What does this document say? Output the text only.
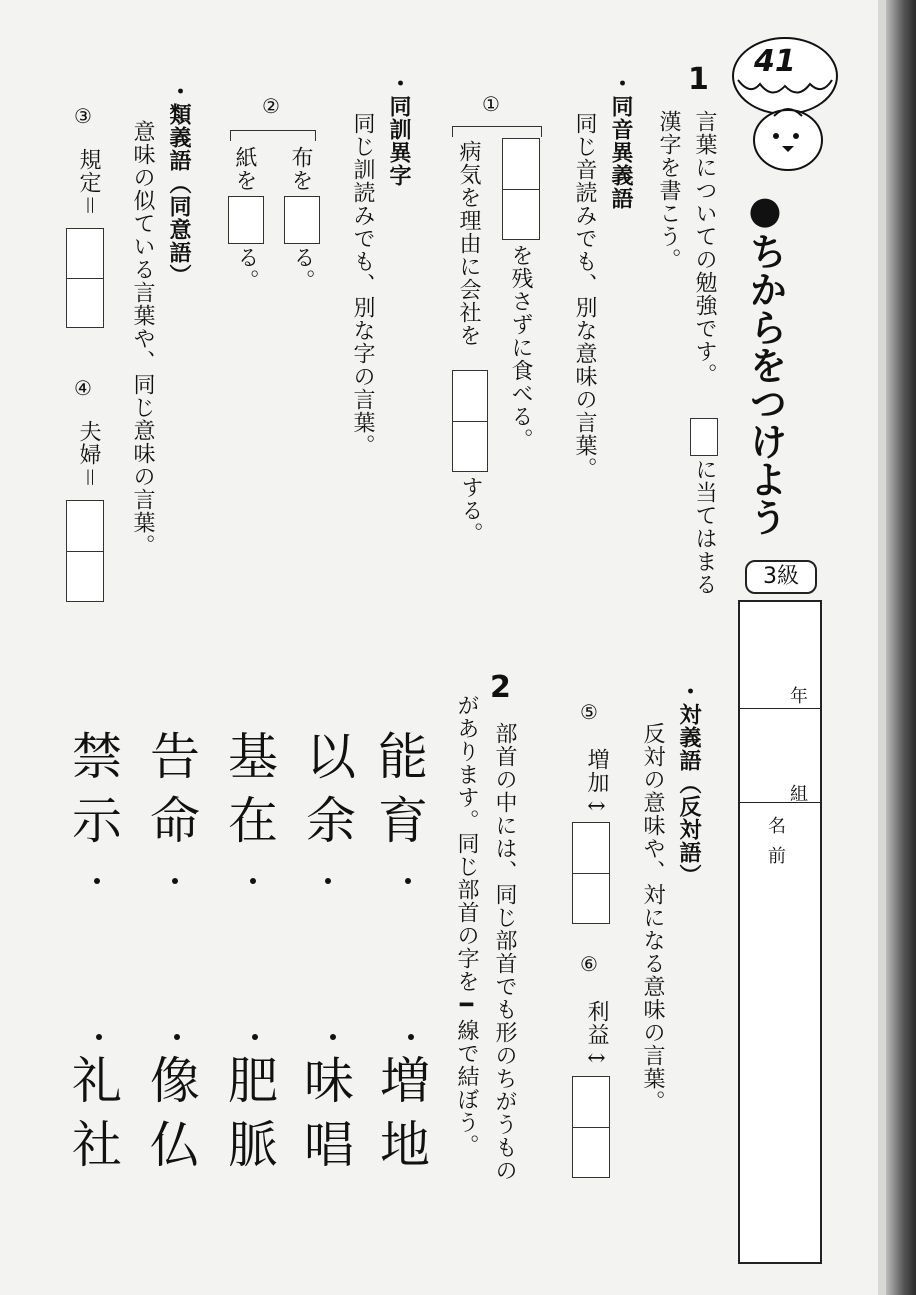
41
●ちからをつけよう
3級
年
組
名前
1
言葉についての勉強です。
に当てはまる
漢字を書こう。
・同音異義語
同じ音読みでも、別な意味の言葉。
①
を残さずに食べる。
病気を理由に会社を
する。
・同訓異字
同じ訓読みでも、別な字の言葉。
②
布を
る。
紙を
る。
・類義語（同意語）
意味の似ている言葉や、同じ意味の言葉。
③
規定＝
④
夫婦＝
・対義語（反対語）
反対の意味や、対になる意味の言葉。
⑤
増加↔
⑥
利益↔
2
部首の中には、同じ部首でも形のちがうもの
があります。同じ部首の字を━線で結ぼう。
能
育
以
余
基
在
告
命
禁
示
増
地
味
唱
肥
脈
像
仏
礼
社
